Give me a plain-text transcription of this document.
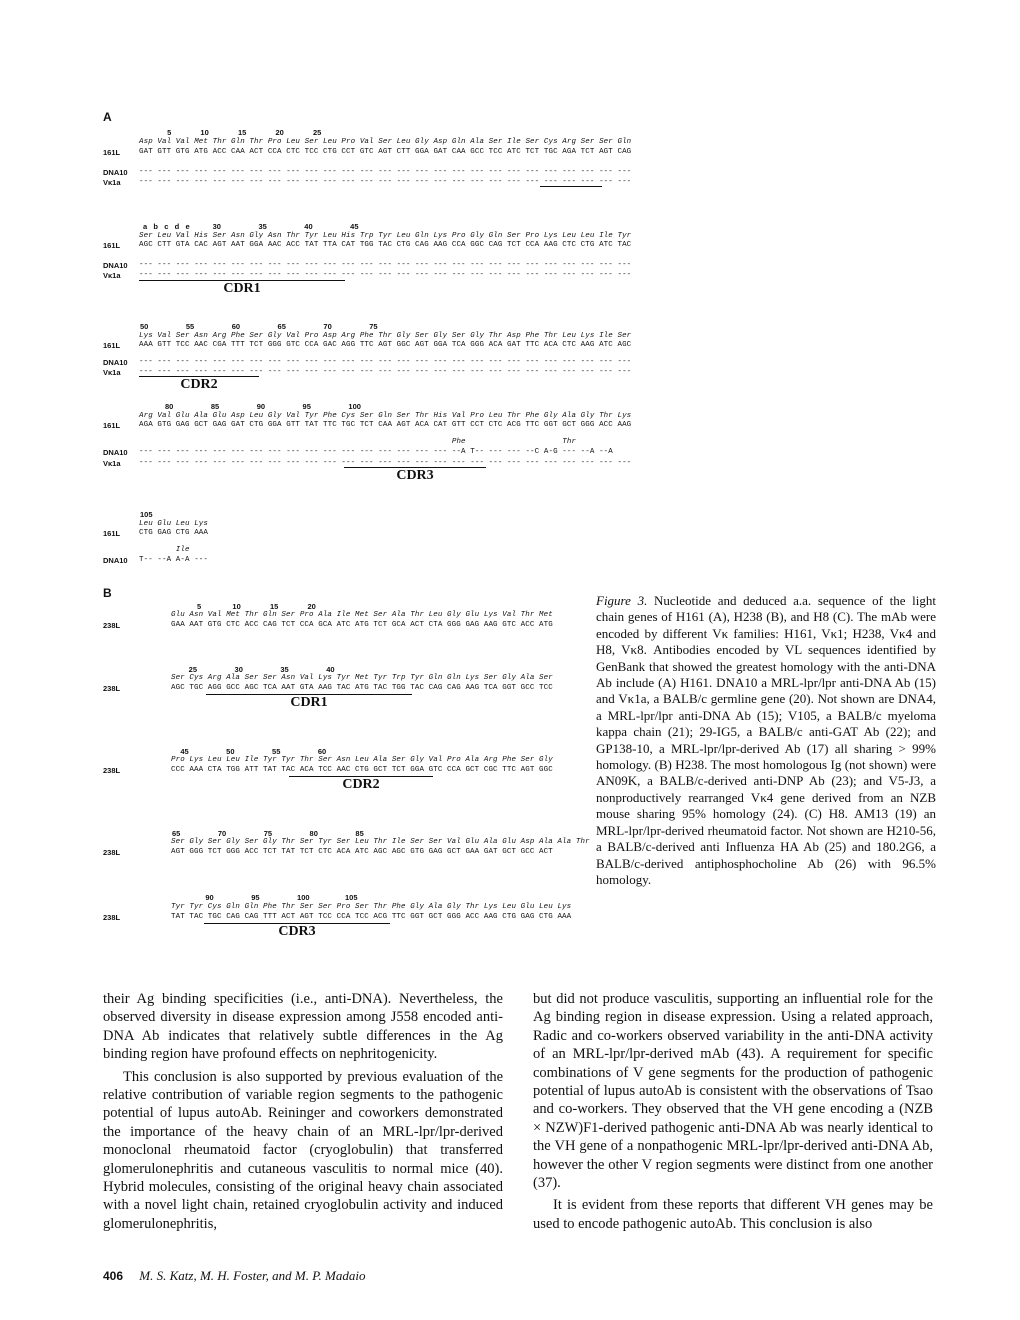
A
5              10              15              20              25
Asp Val Val Met Thr Gln Thr Pro Leu Ser Leu Pro Val Ser Leu Gly Asp Gln Ala Ser Ile Ser Cys Arg Ser Ser Gln
161L	GAT GTT GTG ATG ACC CAA ACT CCA CTC TCC CTG CCT GTC AGT CTT GGA GAT CAA GCC TCC ATC TCT TGC AGA TCT AGT CAG
DNA10 --- --- --- --- --- --- --- --- --- --- --- --- --- --- --- --- --- --- --- --- --- --- --- --- --- --- ---
Vκ1a --- --- --- --- --- --- --- --- --- --- --- --- --- --- --- --- --- --- --- --- --- --- --- --- --- --- ---
a   b   c   d   e           30                  35                  40                  45
Ser Leu Val His Ser Asn Gly Asn Thr Tyr Leu His Trp Tyr Leu Gln Lys Pro Gly Gln Ser Pro Lys Leu Leu Ile Tyr
161L	AGC CTT GTA CAC AGT AAT GGA AAC ACC TAT TTA CAT TGG TAC CTG CAG AAG CCA GGC CAG TCT CCA AAG CTC CTG ATC TAC
DNA10 --- --- --- --- --- --- --- --- --- --- --- --- --- --- --- --- --- --- --- --- --- --- --- --- --- --- ---
Vκ1a --- --- --- --- --- --- --- --- --- --- --- --- --- --- --- --- --- --- --- --- --- --- --- --- --- --- ---
CDR1
50                  55                  60                  65                  70                  75
Lys Val Ser Asn Arg Phe Ser Gly Val Pro Asp Arg Phe Thr Gly Ser Gly Ser Gly Thr Asp Phe Thr Leu Lys Ile Ser
161L	AAA GTT TCC AAC CGA TTT TCT GGG GTC CCA GAC AGG TTC AGT GGC AGT GGA TCA GGG ACA GAT TTC ACA CTC AAG ATC AGC
DNA10 --- --- --- --- --- --- --- --- --- --- --- --- --- --- --- --- --- --- --- --- --- --- --- --- --- --- ---
Vκ1a --- --- --- --- --- --- --- --- --- --- --- --- --- --- --- --- --- --- --- --- --- --- --- --- --- --- ---
CDR2
80                  85                  90                  95                  100
Arg Val Glu Ala Glu Asp Leu Gly Val Tyr Phe Cys Ser Gln Ser Thr His Val Pro Leu Thr Phe Gly Ala Gly Thr Lys
161L	AGA GTG GAG GCT GAG GAT CTG GGA GTT TAT TTC TGC TCT CAA AGT ACA CAT GTT CCT CTC ACG TTC GGT GCT GGG ACC AAG
Phe                     Thr
DNA10 --- --- --- --- --- --- --- --- --- --- --- --- --- --- --- --- --- --A T-- --- --- --C A-G --- --A --A
Vκ1a --- --- --- --- --- --- --- --- --- --- --- --- --- --- --- --- --- --- --- --- --- --- --- --- --- --- ---
CDR3
105
Leu Glu Leu Lys
161L	CTG GAG CTG AAA
Ile
DNA10 T-- --A A-A ---
B
5               10              15              20
Glu Asn Val Met Thr Gln Ser Pro Ala Ile Met Ser Ala Thr Leu Gly Glu Lys Val Thr Met
238L	GAA AAT GTG CTC ACC CAG TCT CCA GCA ATC ATG TCT GCA ACT CTA GGG GAG AAG GTC ACC ATG
25                  30                  35                  40
Ser Cys Arg Ala Ser Ser Asn Val Lys Tyr Met Tyr Trp Tyr Gln Gln Lys Ser Gly Ala Ser
238L	AGC TGC AGG GCC AGC TCA AAT GTA AAG TAC ATG TAC TGG TAC CAG CAG AAG TCA GGT GCC TCC
CDR1
45                  50                  55                  60
Pro Lys Leu Leu Ile Tyr Tyr Thr Ser Asn Leu Ala Ser Gly Val Pro Ala Arg Phe Ser Gly
238L	CCC AAA CTA TGG ATT TAT TAC ACA TCC AAC CTG GCT TCT GGA GTC CCA GCT CGC TTC AGT GGC
CDR2
65                  70                  75                  80                  85
Ser Gly Ser Gly Ser Gly Thr Ser Tyr Ser Leu Thr Ile Ser Ser Val Glu Ala Glu Asp Ala Ala Thr
238L	AGT GGG TCT GGG ACC TCT TAT TCT CTC ACA ATC AGC AGC GTG GAG GCT GAA GAT GCT GCC ACT
90                  95                  100                 105
Tyr Tyr Cys Gln Gln Phe Thr Ser Ser Pro Ser Thr Phe Gly Ala Gly Thr Lys Leu Glu Leu Lys
238L	TAT TAC TGC CAG CAG TTT ACT AGT TCC CCA TCC ACG TTC GGT GCT GGG ACC AAG CTG GAG CTG AAA
CDR3
Figure 3. Nucleotide and deduced a.a. sequence of the light chain genes of H161 (A), H238 (B), and H8 (C). The mAb were encoded by different Vκ families: H161, Vκ1; H238, Vκ4 and H8, Vκ8. Antibodies encoded by VL sequences identified by GenBank that showed the greatest homology with the anti-DNA Ab include (A) H161. DNA10 a MRL-lpr/lpr anti-DNA Ab (15) and Vκ1a, a BALB/c germline gene (20). Not shown are DNA4, a MRL-lpr/lpr anti-DNA Ab (15); V105, a BALB/c myeloma kappa chain (21); 29-IG5, a BALB/c anti-GAT Ab (22); and GP138-10, a MRL-lpr/lpr-derived Ab (17) all sharing > 99% homology. (B) H238. The most homologous Ig (not shown) were AN09K, a BALB/c-derived anti-DNP Ab (23); and V5-J3, a nonproductively rearranged Vκ4 gene derived from an NZB mouse sharing 95% homology (24). (C) H8. AM13 (19) an MRL-lpr/lpr-derived rheumatoid factor. Not shown are H210-56, a BALB/c-derived anti Influenza HA Ab (25) and 180.2G6, a BALB/c-derived antiphosphocholine Ab (26) with 96.5% homology.

their Ag binding specificities (i.e., anti-DNA). Nevertheless, the observed diversity in disease expression among J558 encoded anti-DNA Ab indicates that relatively subtle differences in the Ag binding region have profound effects on nephritogenicity.

This conclusion is also supported by previous evaluation of the relative contribution of variable region segments to the pathogenic potential of lupus autoAb. Reininger and coworkers demonstrated the importance of the heavy chain of an MRL-lpr/lpr-derived monoclonal rheumatoid factor (cryoglobulin) that transferred glomerulonephritis and cutaneous vasculitis to normal mice (40). Hybrid molecules, consisting of the original heavy chain associated with a novel light chain, retained cryoglobulin activity and induced glomerulonephritis,

but did not produce vasculitis, supporting an influential role for the Ag binding region in disease expression. Using a related approach, Radic and co-workers observed variability in the anti-DNA activity of an MRL-lpr/lpr-derived mAb (43). A requirement for specific combinations of V gene segments for the production of pathogenic potential of lupus autoAb is consistent with the observations of Tsao and co-workers. They observed that the VH gene encoding a (NZB × NZW)F1-derived pathogenic anti-DNA Ab was nearly identical to the VH gene of a nonpathogenic MRL-lpr/lpr-derived anti-DNA Ab, however the other V region segments were distinct from one another (37).

It is evident from these reports that different VH genes may be used to encode pathogenic autoAb. This conclusion is also

406 M. S. Katz, M. H. Foster, and M. P. Madaio
